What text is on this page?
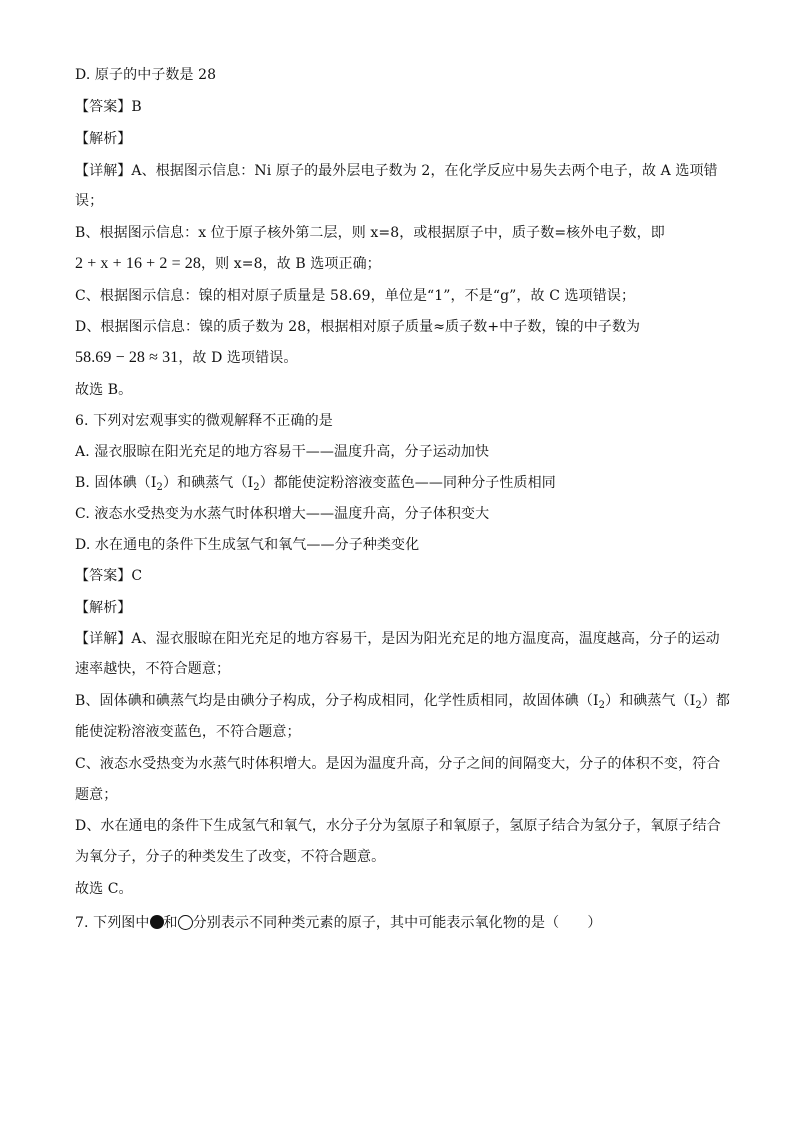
D. 原子的中子数是 28
【答案】B
【解析】
【详解】A、根据图示信息：Ni 原子的最外层电子数为 2，在化学反应中易失去两个电子，故 A 选项错
误；
B、根据图示信息：x 位于原子核外第二层，则 x=8，或根据原子中，质子数=核外电子数，即
2 + x + 16 + 2 = 28，则 x=8，故 B 选项正确；
C、根据图示信息：镍的相对原子质量是 58.69，单位是“1”，不是“g”，故 C 选项错误；
D、根据图示信息：镍的质子数为 28，根据相对原子质量≈质子数+中子数，镍的中子数为
58.69 − 28 ≈ 31，故 D 选项错误。
故选 B。
6. 下列对宏观事实的微观解释不正确的是
A. 湿衣服晾在阳光充足的地方容易干——温度升高，分子运动加快
B. 固体碘$(I_2)$和碘蒸气$(I_2)$都能使淀粉溶液变蓝色——同种分子性质相同
C. 液态水受热变为水蒸气时体积增大——温度升高，分子体积变大
D. 水在通电的条件下生成氢气和氧气——分子种类变化
【答案】C
【解析】
【详解】A、湿衣服晾在阳光充足的地方容易干，是因为阳光充足的地方温度高，温度越高，分子的运动
速率越快，不符合题意；
B、固体碘和碘蒸气均是由碘分子构成，分子构成相同，化学性质相同，故固体碘$(I_2)$和碘蒸气$(I_2)$都
能使淀粉溶液变蓝色，不符合题意；
C、液态水受热变为水蒸气时体积增大。是因为温度升高，分子之间的间隔变大，分子的体积不变，符合
题意；
D、水在通电的条件下生成氢气和氧气，水分子分为氢原子和氧原子，氢原子结合为氢分子，氧原子结合
为氧分子，分子的种类发生了改变，不符合题意。
故选 C。
7. 下列图中 和 分别表示不同种类元素的原子，其中可能表示氧化物的是（　　）
